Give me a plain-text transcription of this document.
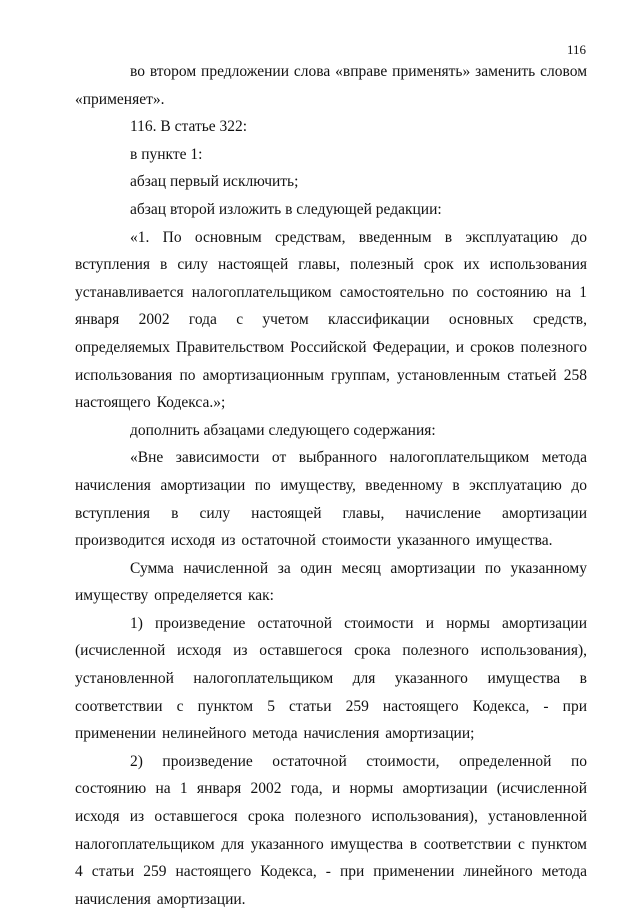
116

во втором предложении слова «вправе применять» заменить словом «применяет».

116. В статье 322:

в пункте 1:

абзац первый исключить;

абзац второй изложить в следующей редакции:

«1. По основным средствам, введенным в эксплуатацию до вступления в силу настоящей главы, полезный срок их использования устанавливается налогоплательщиком самостоятельно по состоянию на 1 января 2002 года с учетом классификации основных средств, определяемых Правительством Российской Федерации, и сроков полезного использования по амортизационным группам, установленным статьей 258 настоящего Кодекса.»;

дополнить абзацами следующего содержания:

«Вне зависимости от выбранного налогоплательщиком метода начисления амортизации по имуществу, введенному в эксплуатацию до вступления в силу настоящей главы, начисление амортизации производится исходя из остаточной стоимости указанного имущества.

Сумма начисленной за один месяц амортизации по указанному имуществу определяется как:

1) произведение остаточной стоимости и нормы амортизации (исчисленной исходя из оставшегося срока полезного использования), установленной налогоплательщиком для указанного имущества в соответствии с пунктом 5 статьи 259 настоящего Кодекса, - при применении нелинейного метода начисления амортизации;

2) произведение остаточной стоимости, определенной по состоянию на 1 января 2002 года, и нормы амортизации (исчисленной исходя из оставшегося срока полезного использования), установленной налогоплательщиком для указанного имущества в соответствии с пунктом 4 статьи 259 настоящего Кодекса, - при применении линейного метода начисления амортизации.
